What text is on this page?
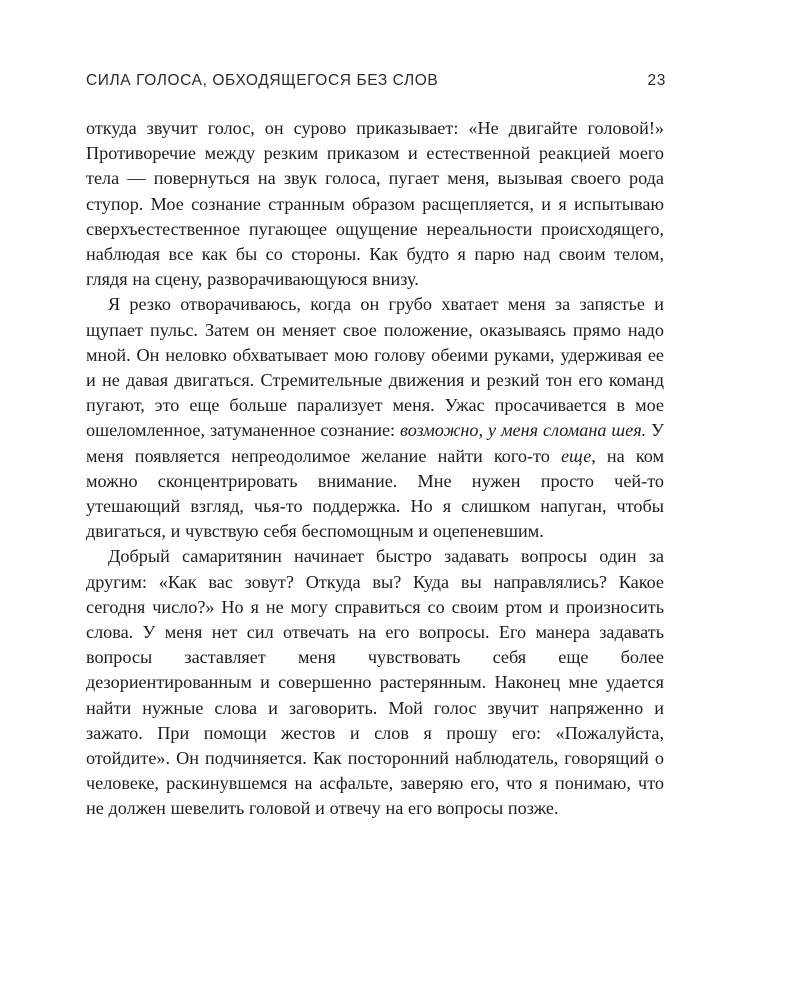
СИЛА ГОЛОСА, ОБХОДЯЩЕГОСЯ БЕЗ СЛОВ	23

откуда звучит голос, он сурово приказывает: «Не двигайте головой!» Противоречие между резким приказом и естественной реакцией моего тела — повернуться на звук голоса, пугает меня, вызывая своего рода ступор. Мое сознание странным образом расщепляется, и я испытываю сверхъестественное пугающее ощущение нереальности происходящего, наблюдая все как бы со стороны. Как будто я парю над своим телом, глядя на сцену, разворачивающуюся внизу.

Я резко отворачиваюсь, когда он грубо хватает меня за запястье и щупает пульс. Затем он меняет свое положение, оказываясь прямо надо мной. Он неловко обхватывает мою голову обеими руками, удерживая ее и не давая двигаться. Стремительные движения и резкий тон его команд пугают, это еще больше парализует меня. Ужас просачивается в мое ошеломленное, затуманенное сознание: возможно, у меня сломана шея. У меня появляется непреодолимое желание найти кого-то еще, на ком можно сконцентрировать внимание. Мне нужен просто чей-то утешающий взгляд, чья-то поддержка. Но я слишком напуган, чтобы двигаться, и чувствую себя беспомощным и оцепеневшим.

Добрый самаритянин начинает быстро задавать вопросы один за другим: «Как вас зовут? Откуда вы? Куда вы направлялись? Какое сегодня число?» Но я не могу справиться со своим ртом и произносить слова. У меня нет сил отвечать на его вопросы. Его манера задавать вопросы заставляет меня чувствовать себя еще более дезориентированным и совершенно растерянным. Наконец мне удается найти нужные слова и заговорить. Мой голос звучит напряженно и зажато. При помощи жестов и слов я прошу его: «Пожалуйста, отойдите». Он подчиняется. Как посторонний наблюдатель, говорящий о человеке, раскинувшемся на асфальте, заверяю его, что я понимаю, что не должен шевелить головой и отвечу на его вопросы позже.
